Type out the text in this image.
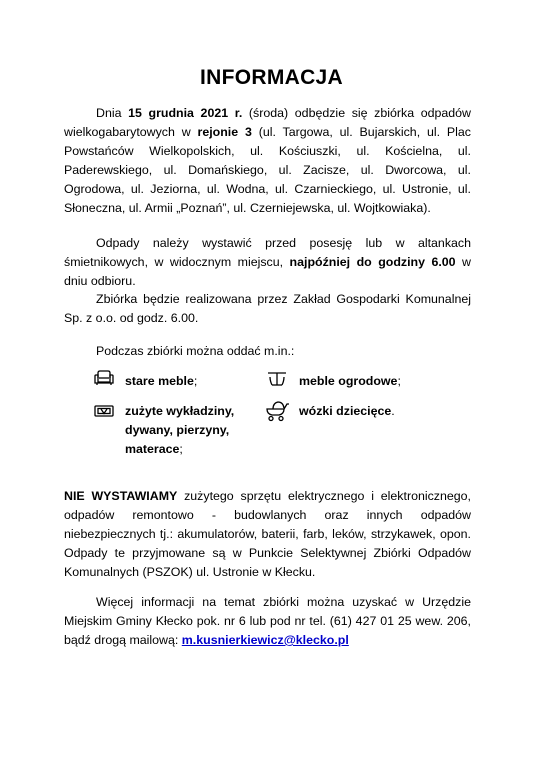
INFORMACJA
Dnia 15 grudnia 2021 r. (środa) odbędzie się zbiórka odpadów wielkogabarytowych w rejonie 3 (ul. Targowa, ul. Bujarskich, ul. Plac Powstańców Wielkopolskich, ul. Kościuszki, ul. Kościelna, ul. Paderewskiego, ul. Domańskiego, ul. Zacisze, ul. Dworcowa, ul. Ogrodowa, ul. Jeziorna, ul. Wodna, ul. Czarnieckiego, ul. Ustronie, ul. Słoneczna, ul. Armii „Poznań”, ul. Czerniejewska, ul. Wojtkowiaka).
Odpady należy wystawić przed posesję lub w altankach śmietnikowych, w widocznym miejscu, najpóźniej do godziny 6.00 w dniu odbioru.
Zbiórka będzie realizowana przez Zakład Gospodarki Komunalnej Sp. z o.o. od godz. 6.00.
Podczas zbiórki można oddać m.in.:
stare meble;	meble ogrodowe;
zużyte wykładziny, dywany, pierzyny, materace;
wózki dziecięce.
NIE WYSTAWIAMY zużytego sprzętu elektrycznego i elektronicznego, odpadów remontowo - budowlanych oraz innych odpadów niebezpiecznych tj.: akumulatorów, baterii, farb, leków, strzykawek, opon. Odpady te przyjmowane są w Punkcie Selektywnej Zbiórki Odpadów Komunalnych (PSZOK) ul. Ustronie w Kłecku.
Więcej informacji na temat zbiórki można uzyskać w Urzędzie Miejskim Gminy Kłecko pok. nr 6 lub pod nr tel. (61) 427 01 25 wew. 206, bądź drogą mailową: m.kusnierkiewicz@klecko.pl
